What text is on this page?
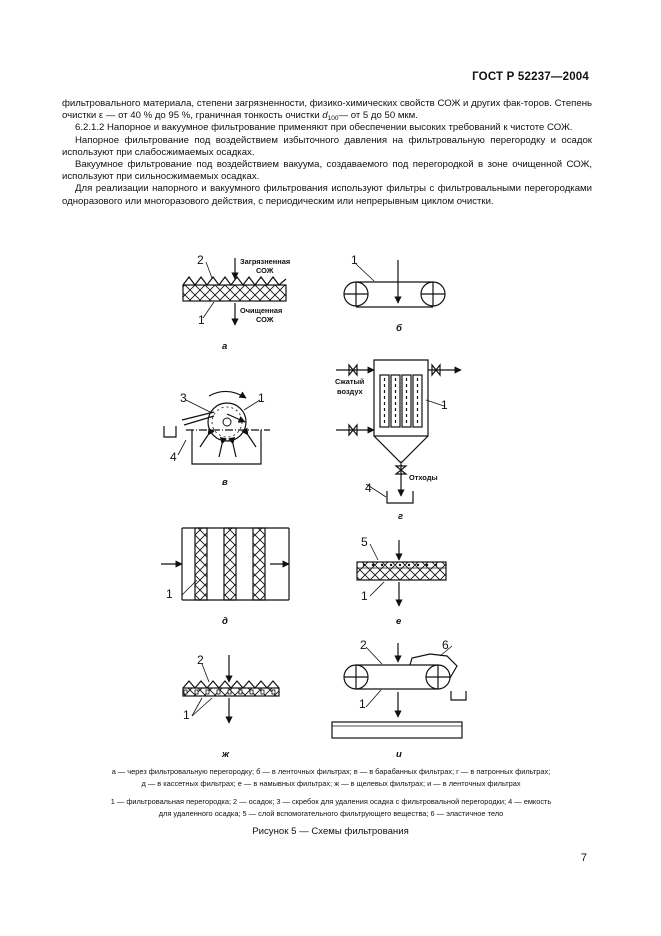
ГОСТ Р 52237—2004

фильтровального материала, степени загрязненности, физико-химических свойств СОЖ и других фак-торов. Степень очистки ε — от 40 % до 95 %, граничная тонкость очистки $d_{100}—$ от 5 до 50 мкм.

6.2.1.2 Напорное и вакуумное фильтрование применяют при обеспечении высоких требований к чистоте СОЖ.

Напорное фильтрование под воздействием избыточного давления на фильтровальную перегородку и осадок используют при слабосжимаемых осадках.

Вакуумное фильтрование под воздействием вакуума, создаваемого под перегородкой в зоне очищенной СОЖ, используют при сильносжимаемых осадках.

Для реализации напорного и вакуумного фильтрования используют фильтры с фильтровальными перегородками одноразового или многоразового действия, с периодическим или непрерывным циклом очистки.

2	Загрязненная
СОЖ
1
Очищенная
СОЖ
а
1
б
3	1
4
в
Сжатый
воздух
1
Отходы
4
г
1
д
5
1
е
2
1
ж
2	6
1
и
а — через фильтровальную перегородку; б — в ленточных фильтрах; в — в барабанных фильтрах; г — в патронных фильтрах;
д — в кассетных фильтрах; е — в намывных фильтрах; ж — в щелевых фильтрах; и — в ленточных фильтрах
1 — фильтровальная перегородка; 2 — осадок; 3 — скребок для удаления осадка с фильтровальной перегородки; 4 — емкость
для удаленного осадка; 5 — слой вспомогательного фильтрующего вещества; 6 — эластичное тело
Рисунок 5 — Схемы фильтрования
7
